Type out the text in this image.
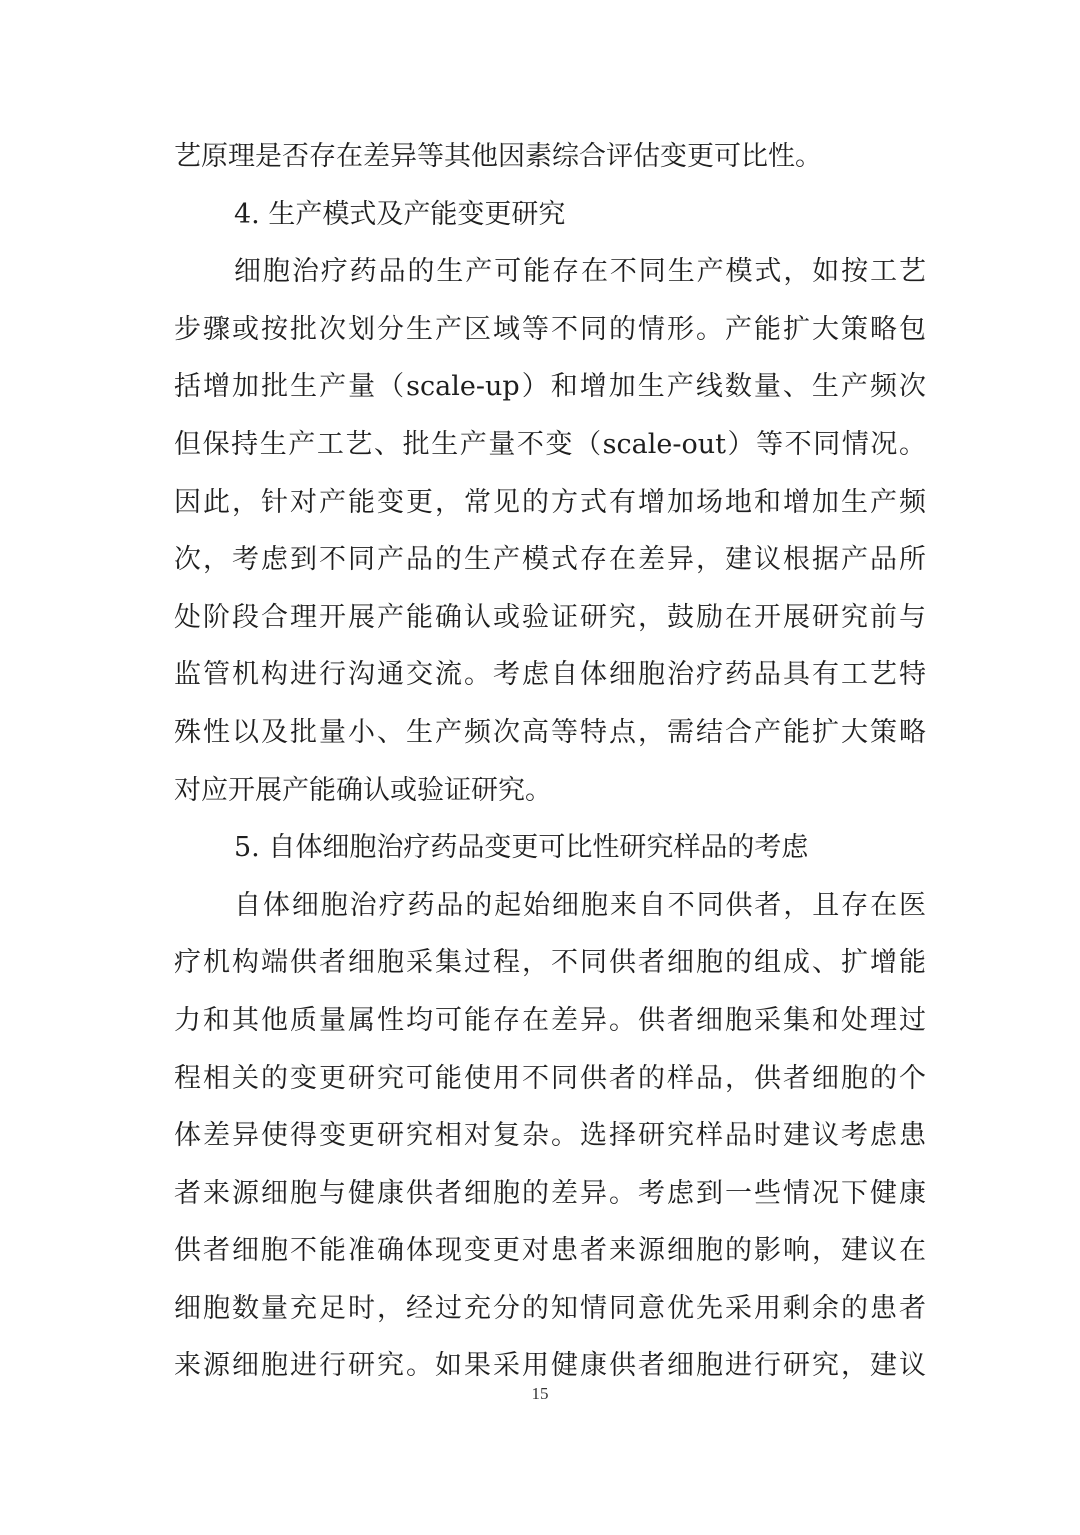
艺原理是否存在差异等其他因素综合评估变更可比性。
4. 生产模式及产能变更研究
细胞治疗药品的生产可能存在不同生产模式，如按工艺
步骤或按批次划分生产区域等不同的情形。产能扩大策略包
括增加批生产量（scale-up）和增加生产线数量、生产频次
但保持生产工艺、批生产量不变（scale-out）等不同情况。
因此，针对产能变更，常见的方式有增加场地和增加生产频
次，考虑到不同产品的生产模式存在差异，建议根据产品所
处阶段合理开展产能确认或验证研究，鼓励在开展研究前与
监管机构进行沟通交流。考虑自体细胞治疗药品具有工艺特
殊性以及批量小、生产频次高等特点，需结合产能扩大策略
对应开展产能确认或验证研究。
5. 自体细胞治疗药品变更可比性研究样品的考虑
自体细胞治疗药品的起始细胞来自不同供者，且存在医
疗机构端供者细胞采集过程，不同供者细胞的组成、扩增能
力和其他质量属性均可能存在差异。供者细胞采集和处理过
程相关的变更研究可能使用不同供者的样品，供者细胞的个
体差异使得变更研究相对复杂。选择研究样品时建议考虑患
者来源细胞与健康供者细胞的差异。考虑到一些情况下健康
供者细胞不能准确体现变更对患者来源细胞的影响，建议在
细胞数量充足时，经过充分的知情同意优先采用剩余的患者
来源细胞进行研究。如果采用健康供者细胞进行研究，建议
15
